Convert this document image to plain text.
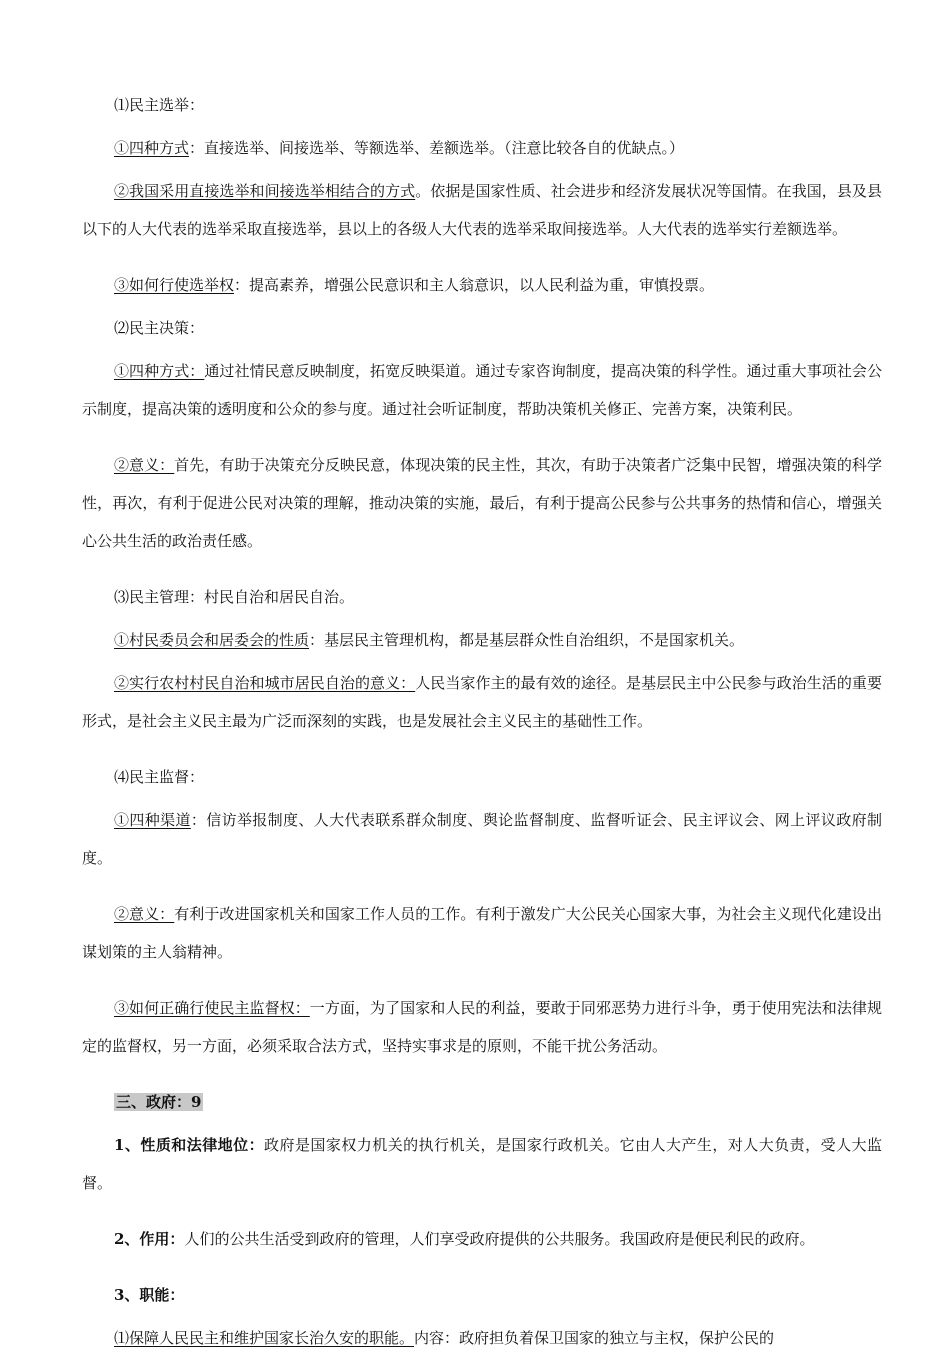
⑴民主选举：

①四种方式：直接选举、间接选举、等额选举、差额选举。（注意比较各自的优缺点。）

②我国采用直接选举和间接选举相结合的方式。依据是国家性质、社会进步和经济发展状况等国情。在我国，县及县以下的人大代表的选举采取直接选举，县以上的各级人大代表的选举采取间接选举。人大代表的选举实行差额选举。

③如何行使选举权：提高素养，增强公民意识和主人翁意识，以人民利益为重，审慎投票。

⑵民主决策：

①四种方式：通过社情民意反映制度，拓宽反映渠道。通过专家咨询制度，提高决策的科学性。通过重大事项社会公示制度，提高决策的透明度和公众的参与度。通过社会听证制度，帮助决策机关修正、完善方案，决策利民。

②意义：首先，有助于决策充分反映民意，体现决策的民主性，其次，有助于决策者广泛集中民智，增强决策的科学性，再次，有利于促进公民对决策的理解，推动决策的实施，最后，有利于提高公民参与公共事务的热情和信心，增强关心公共生活的政治责任感。

⑶民主管理：村民自治和居民自治。

①村民委员会和居委会的性质：基层民主管理机构，都是基层群众性自治组织，不是国家机关。

②实行农村村民自治和城市居民自治的意义：人民当家作主的最有效的途径。是基层民主中公民参与政治生活的重要形式，是社会主义民主最为广泛而深刻的实践，也是发展社会主义民主的基础性工作。

⑷民主监督：

①四种渠道：信访举报制度、人大代表联系群众制度、舆论监督制度、监督听证会、民主评议会、网上评议政府制度。

②意义：有利于改进国家机关和国家工作人员的工作。有利于激发广大公民关心国家大事，为社会主义现代化建设出谋划策的主人翁精神。

③如何正确行使民主监督权：一方面，为了国家和人民的利益，要敢于同邪恶势力进行斗争，勇于使用宪法和法律规定的监督权，另一方面，必须采取合法方式，坚持实事求是的原则，不能干扰公务活动。

三、政府：9

1、性质和法律地位：政府是国家权力机关的执行机关，是国家行政机关。它由人大产生，对人大负责，受人大监督。

2、作用：人们的公共生活受到政府的管理，人们享受政府提供的公共服务。我国政府是便民利民的政府。

3、职能：

⑴保障人民民主和维护国家长治久安的职能。内容：政府担负着保卫国家的独立与主权，保护公民的
